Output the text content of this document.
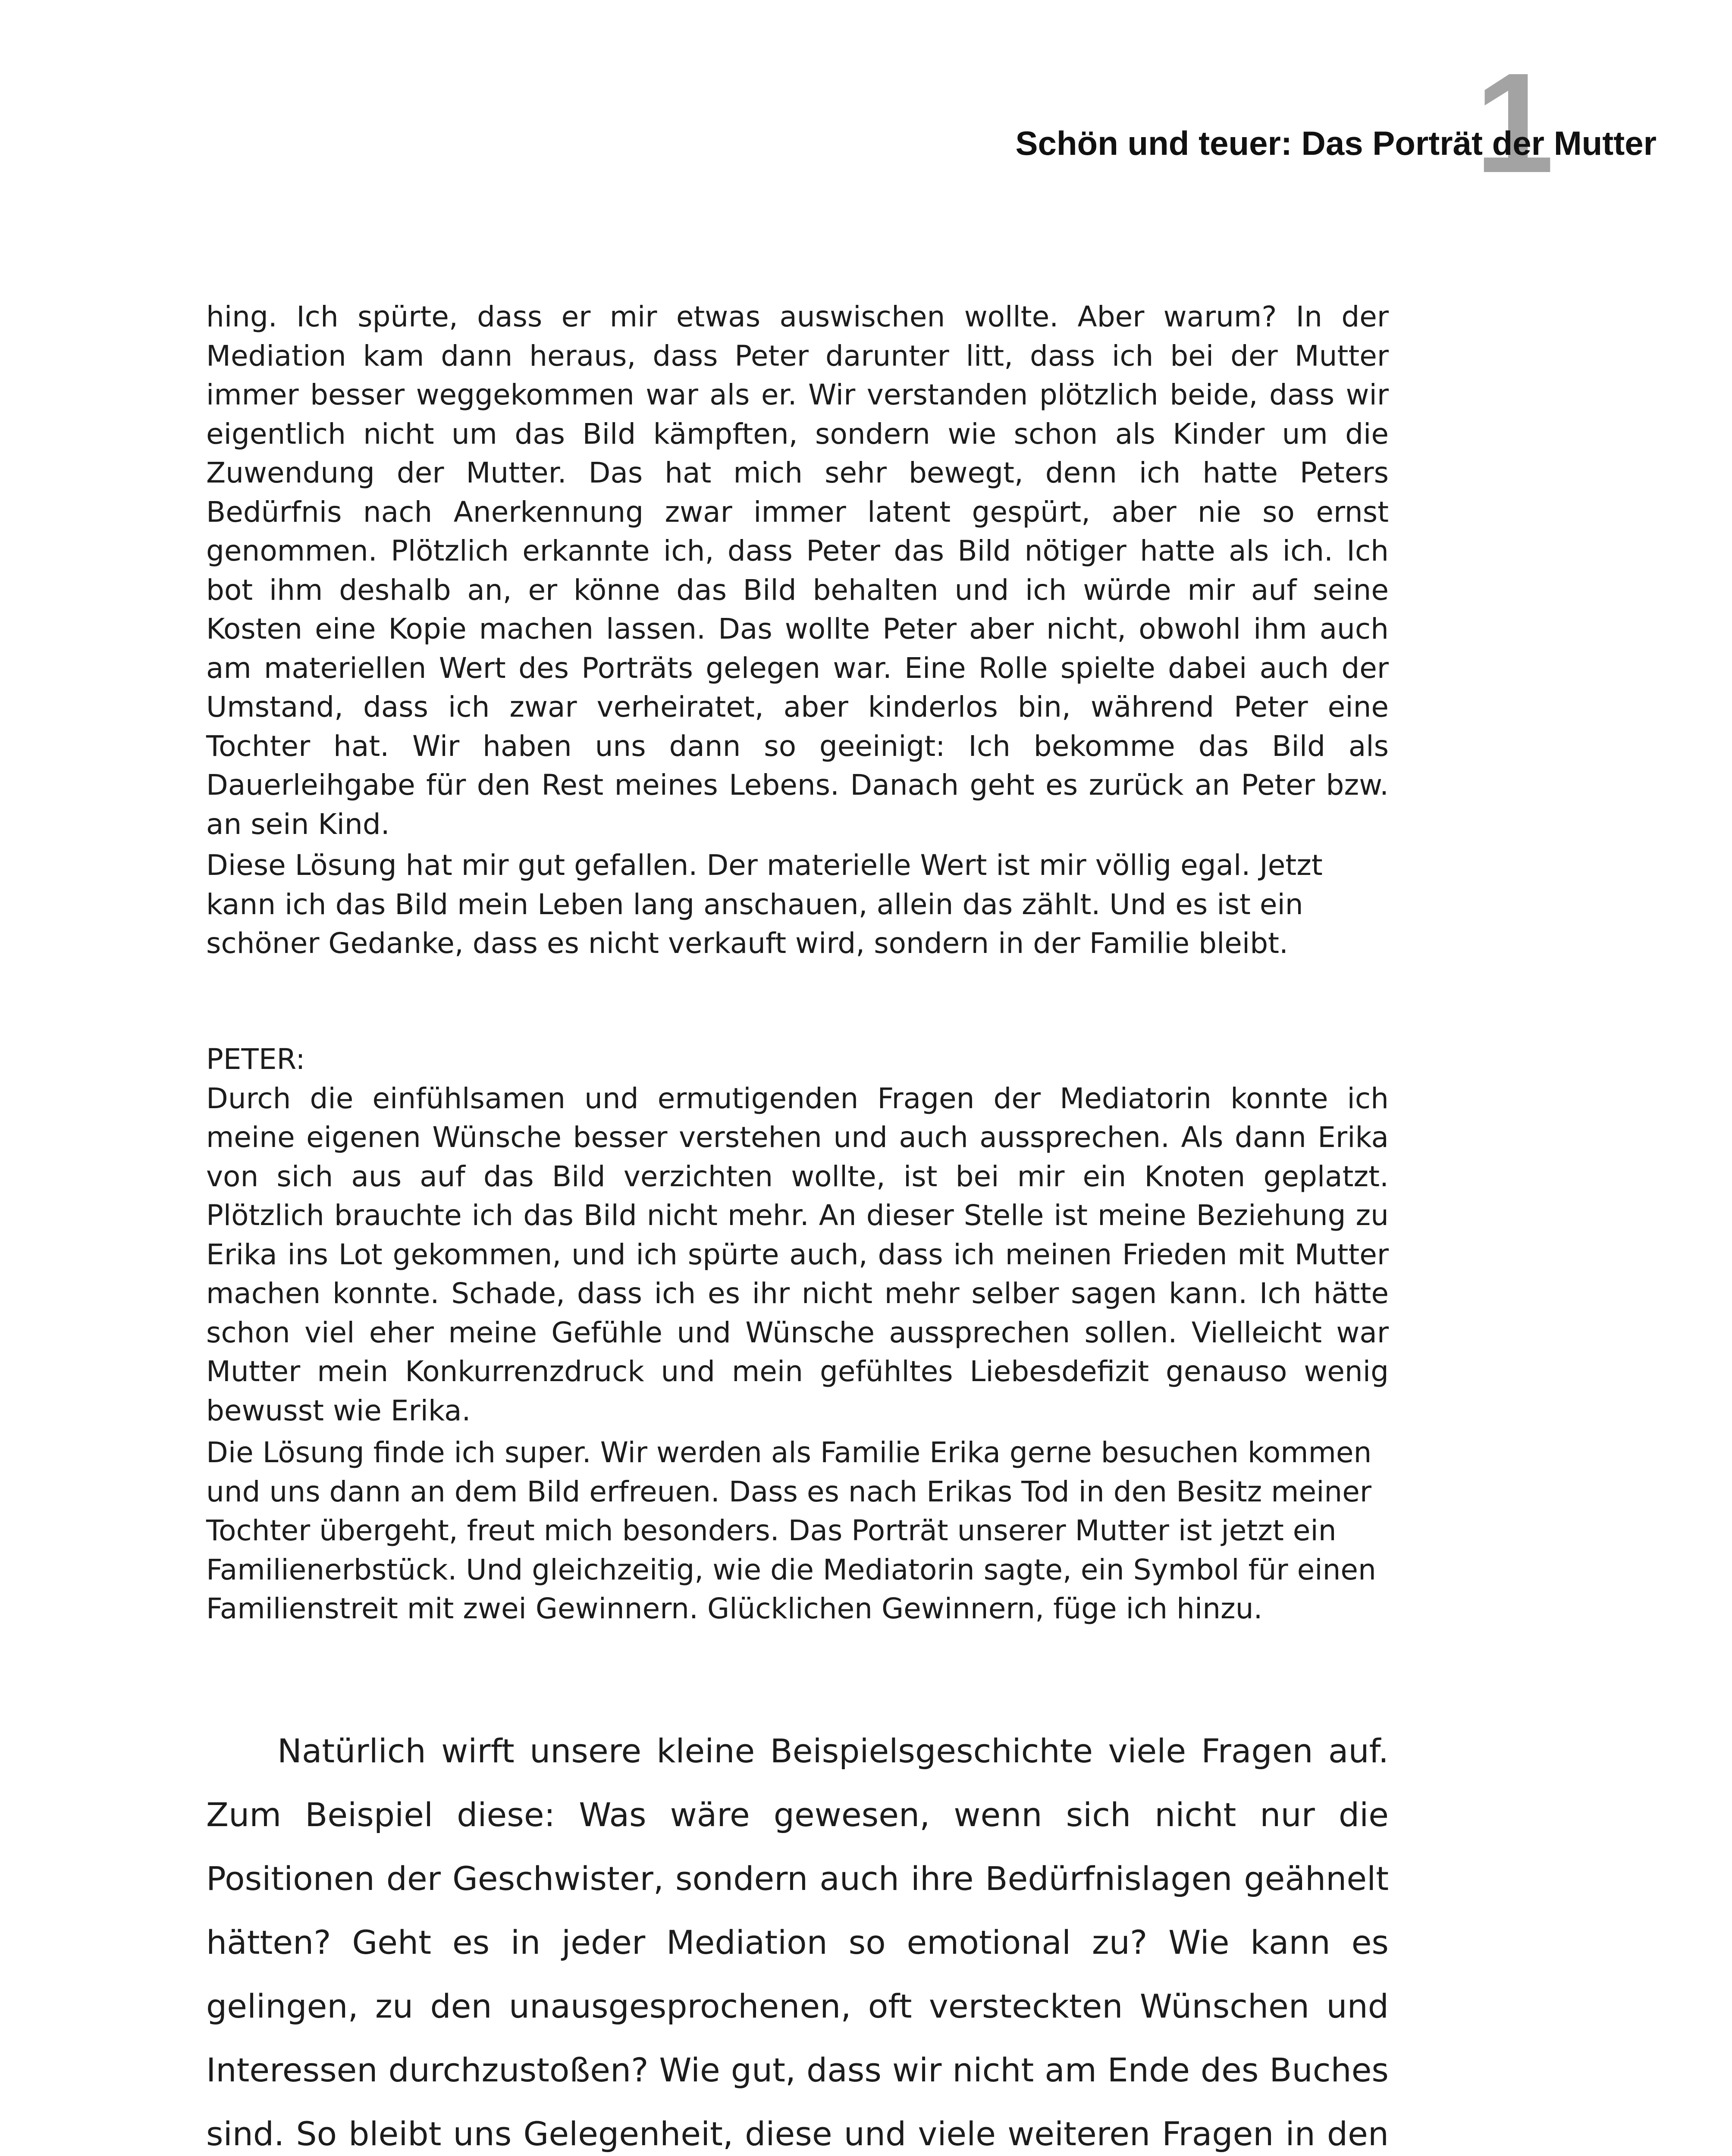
1
Schön und teuer: Das Porträt der Mutter

hing. Ich spürte, dass er mir etwas auswischen wollte. Aber warum? In der Mediation kam dann heraus, dass Peter darunter litt, dass ich bei der Mutter immer besser weggekommen war als er. Wir verstanden plötzlich beide, dass wir eigentlich nicht um das Bild kämpften, sondern wie schon als Kinder um die Zuwendung der Mutter. Das hat mich sehr bewegt, denn ich hatte Peters Bedürfnis nach Anerkennung zwar immer latent gespürt, aber nie so ernst genommen. Plötzlich erkannte ich, dass Peter das Bild nötiger hatte als ich. Ich bot ihm deshalb an, er könne das Bild behalten und ich würde mir auf seine Kosten eine Kopie machen lassen. Das wollte Peter aber nicht, obwohl ihm auch am materiellen Wert des Porträts gelegen war. Eine Rolle spielte dabei auch der Umstand, dass ich zwar verheiratet, aber kinderlos bin, während Peter eine Tochter hat. Wir haben uns dann so geeinigt: Ich bekomme das Bild als Dauerleihgabe für den Rest meines Lebens. Danach geht es zurück an Peter bzw. an sein Kind.

Diese Lösung hat mir gut gefallen. Der materielle Wert ist mir völlig egal. Jetzt kann ich das Bild mein Leben lang anschauen, allein das zählt. Und es ist ein schöner Gedanke, dass es nicht verkauft wird, sondern in der Familie bleibt.

PETER:

Durch die einfühlsamen und ermutigenden Fragen der Mediatorin konnte ich meine eigenen Wünsche besser verstehen und auch aussprechen. Als dann Erika von sich aus auf das Bild verzichten wollte, ist bei mir ein Knoten geplatzt. Plötzlich brauchte ich das Bild nicht mehr. An dieser Stelle ist meine Beziehung zu Erika ins Lot gekommen, und ich spürte auch, dass ich meinen Frieden mit Mutter machen konnte. Schade, dass ich es ihr nicht mehr selber sagen kann. Ich hätte schon viel eher meine Gefühle und Wünsche aussprechen sollen. Vielleicht war Mutter mein Konkurrenzdruck und mein gefühltes Liebesdefizit genauso wenig bewusst wie Erika.

Die Lösung finde ich super. Wir werden als Familie Erika gerne besuchen kommen und uns dann an dem Bild erfreuen. Dass es nach Erikas Tod in den Besitz meiner Tochter übergeht, freut mich besonders. Das Porträt unserer Mutter ist jetzt ein Familienerbstück. Und gleichzeitig, wie die Mediatorin sagte, ein Symbol für einen Familienstreit mit zwei Gewinnern. Glücklichen Gewinnern, füge ich hinzu.

Natürlich wirft unsere kleine Beispielsgeschichte viele Fragen auf. Zum Beispiel diese: Was wäre gewesen, wenn sich nicht nur die Positionen der Geschwister, sondern auch ihre Bedürfnislagen geähnelt hätten? Geht es in jeder Mediation so emotional zu? Wie kann es gelingen, zu den unausgesprochenen, oft versteckten Wünschen und Interessen durchzustoßen? Wie gut, dass wir nicht am Ende des Buches sind. So bleibt uns Gelegenheit, diese und viele weiteren Fragen in den
